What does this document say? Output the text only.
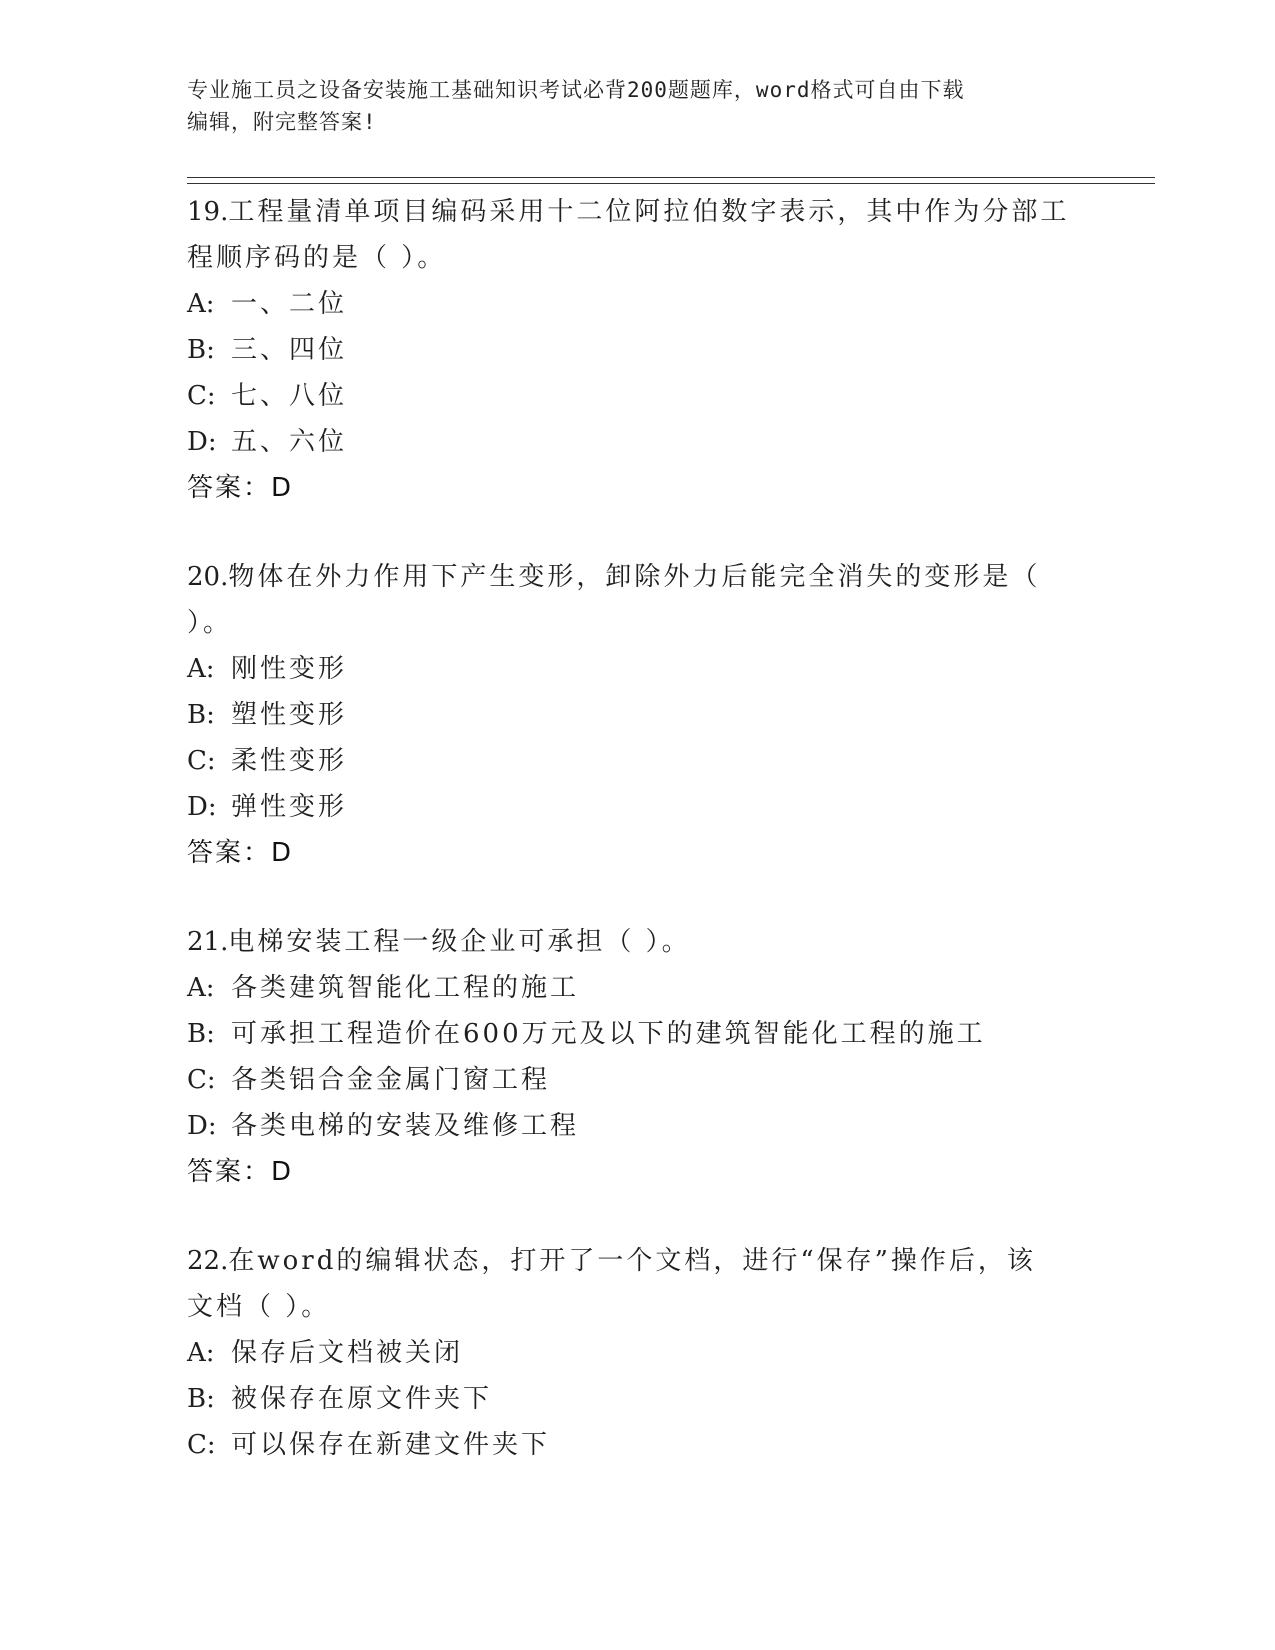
专业施工员之设备安装施工基础知识考试必背200题题库，word格式可自由下载
编辑，附完整答案!
19.工程量清单项目编码采用十二位阿拉伯数字表示，其中作为分部工
程顺序码的是（ ）。
A: 一、二位
B: 三、四位
C: 七、八位
D: 五、六位
答案：D
20.物体在外力作用下产生变形，卸除外力后能完全消失的变形是（
）。
A: 刚性变形
B: 塑性变形
C: 柔性变形
D: 弹性变形
答案：D
21.电梯安装工程一级企业可承担（ ）。
A: 各类建筑智能化工程的施工
B: 可承担工程造价在600万元及以下的建筑智能化工程的施工
C: 各类铝合金金属门窗工程
D: 各类电梯的安装及维修工程
答案：D
22.在word的编辑状态，打开了一个文档，进行“保存”操作后，该
文档（ ）。
A: 保存后文档被关闭
B: 被保存在原文件夹下
C: 可以保存在新建文件夹下
